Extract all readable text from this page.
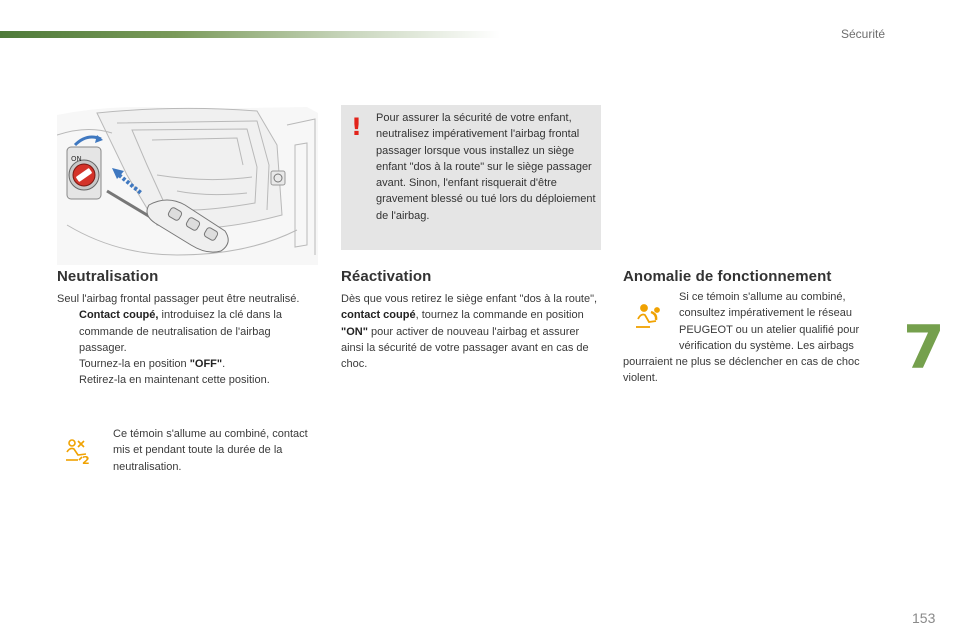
Sécurité
7
153
ON
! Pour assurer la sécurité de votre enfant, neutralisez impérativement l'airbag frontal passager lorsque vous installez un siège enfant "dos à la route" sur le siège passager avant. Sinon, l'enfant risquerait d'être gravement blessé ou tué lors du déploiement de l'airbag.
Neutralisation

Seul l'airbag frontal passager peut être neutralisé.

Contact coupé, introduisez la clé dans la commande de neutralisation de l'airbag passager.
Tournez-la en position "OFF".
Retirez-la en maintenant cette position.
2
Ce témoin s'allume au combiné, contact mis et pendant toute la durée de la neutralisation.
Réactivation
Dès que vous retirez le siège enfant "dos à la route", contact coupé, tournez la commande en position "ON" pour activer de nouveau l'airbag et assurer ainsi la sécurité de votre passager avant en cas de choc.
Anomalie de fonctionnement
Si ce témoin s'allume au combiné, consultez impérativement le réseau PEUGEOT ou un atelier qualifié pour vérification du système. Les airbags pourraient ne plus se déclencher en cas de choc violent.
